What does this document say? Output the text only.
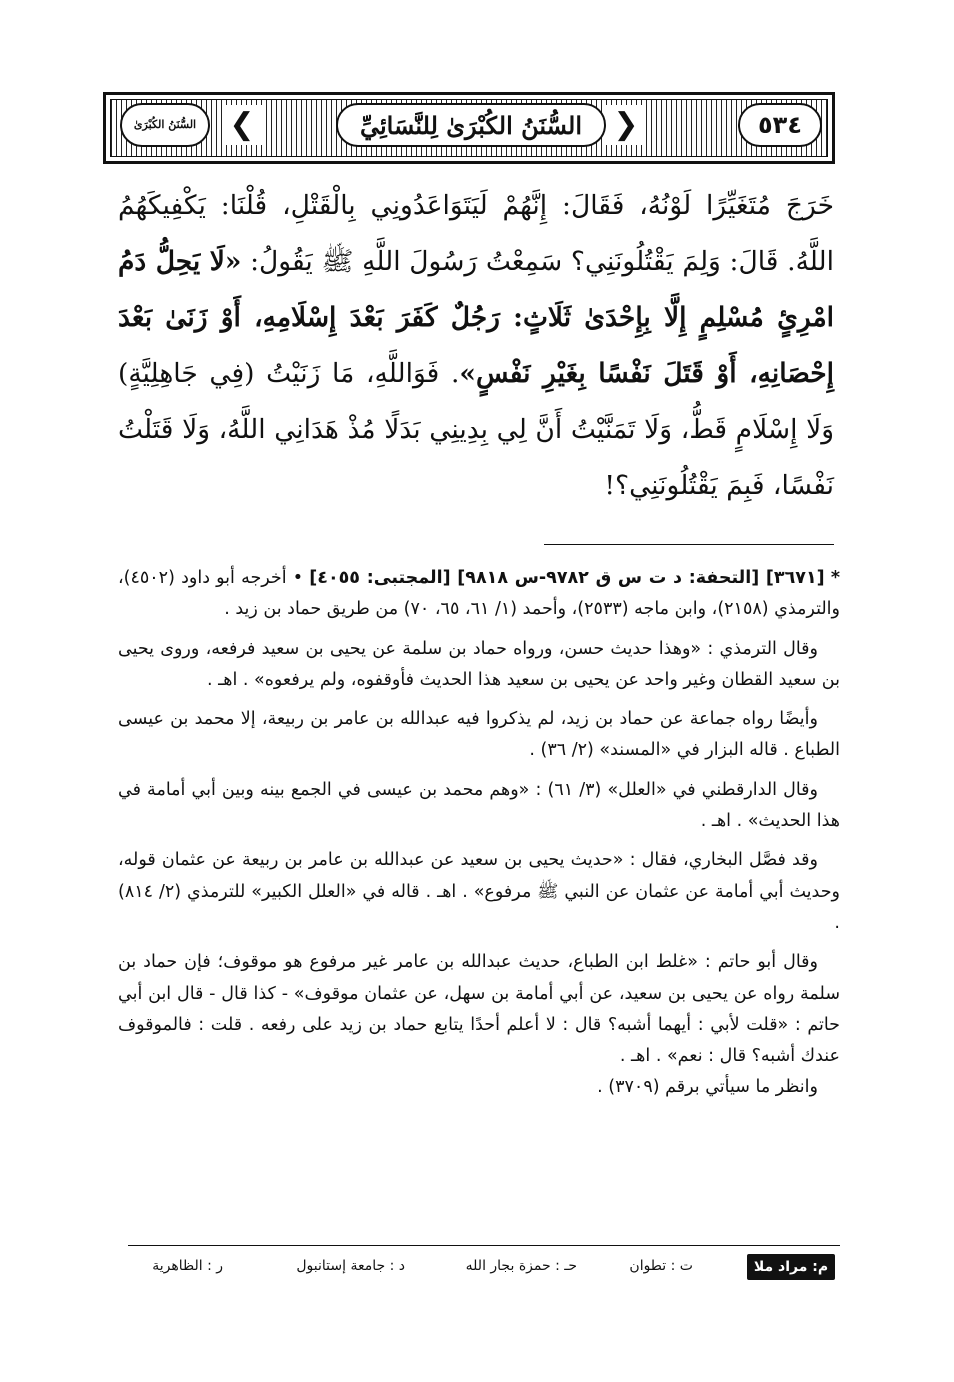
❮	❯
السُّنَنُ الكُبْرَىٰ	السُّنَنُ الكُبْرَىٰ لِلنَّسَائِيِّ	٥٣٤
خَرَجَ مُتَغَيِّرًا لَوْنُهُ، فَقَالَ: إِنَّهُمْ لَيَتَوَاعَدُونِي بِالْقَتْلِ، قُلْنَا: يَكْفِيكَهُمُ اللَّهُ. قَالَ: وَلِمَ يَقْتُلُونَنِي؟ سَمِعْتُ رَسُولَ اللَّهِ ﷺ يَقُولُ: «لَا يَحِلُّ دَمُ امْرِئٍ مُسْلِمٍ إِلَّا بِإِحْدَىٰ ثَلَاثٍ: رَجُلٌ كَفَرَ بَعْدَ إِسْلَامِهِ، أَوْ زَنَىٰ بَعْدَ إِحْصَانِهِ، أَوْ قَتَلَ نَفْسًا بِغَيْرِ نَفْسٍ». فَوَاللَّهِ، مَا زَنَيْتُ (فِي جَاهِلِيَّةٍ) وَلَا إِسْلَامٍ قَطُّ، وَلَا تَمَنَّيْتُ أَنَّ لِي بِدِينِي بَدَلًا مُذْ هَدَانِي اللَّهُ، وَلَا قَتَلْتُ نَفْسًا، فَبِمَ يَقْتُلُونَنِي؟!

* [٣٦٧١] [التحفة: د ت س ق ٩٧٨٢-س ٩٨١٨] [المجتبى: ٤٠٥٥] • أخرجه أبو داود (٤٥٠٢)، والترمذي (٢١٥٨)، وابن ماجه (٢٥٣٣)، وأحمد (١/ ٦١، ٦٥، ٧٠) من طريق حماد بن زيد .

وقال الترمذي : «وهذا حديث حسن، ورواه حماد بن سلمة عن يحيى بن سعيد فرفعه، وروى يحيى بن سعيد القطان وغير واحد عن يحيى بن سعيد هذا الحديث فأوقفوه، ولم يرفعوه» . اهـ .

وأيضًا رواه جماعة عن حماد بن زيد، لم يذكروا فيه عبدالله بن عامر بن ربيعة، إلا محمد بن عيسى الطباع . قاله البزار في «المسند» (٢/ ٣٦) .

وقال الدارقطني في «العلل» (٣/ ٦١) : «وهم محمد بن عيسى في الجمع بينه وبين أبي أمامة في هذا الحديث» . اهـ .

وقد فصَّل البخاري، فقال : «حديث يحيى بن سعيد عن عبدالله بن عامر بن ربيعة عن عثمان قوله، وحديث أبي أمامة عن عثمان عن النبي ﷺ مرفوع» . اهـ . قاله في «العلل الكبير» للترمذي (٢/ ٨١٤) .

وقال أبو حاتم : «غلط ابن الطباع، حديث عبدالله بن عامر غير مرفوع هو موقوف؛ فإن حماد بن سلمة رواه عن يحيى بن سعيد، عن أبي أمامة بن سهل، عن عثمان موقوف» - كذا قال - قال ابن أبي حاتم : «قلت لأبي : أيهما أشبه؟ قال : لا أعلم أحدًا يتابع حماد بن زيد على رفعه . قلت : فالموقوف عندك أشبه؟ قال : نعم» . اهـ .

وانظر ما سيأتي برقم (٣٧٠٩) .

م: مراد ملا
ت : تطوان
حـ : حمزة بجار الله
د : جامعة إستانبول
ر : الظاهرية
